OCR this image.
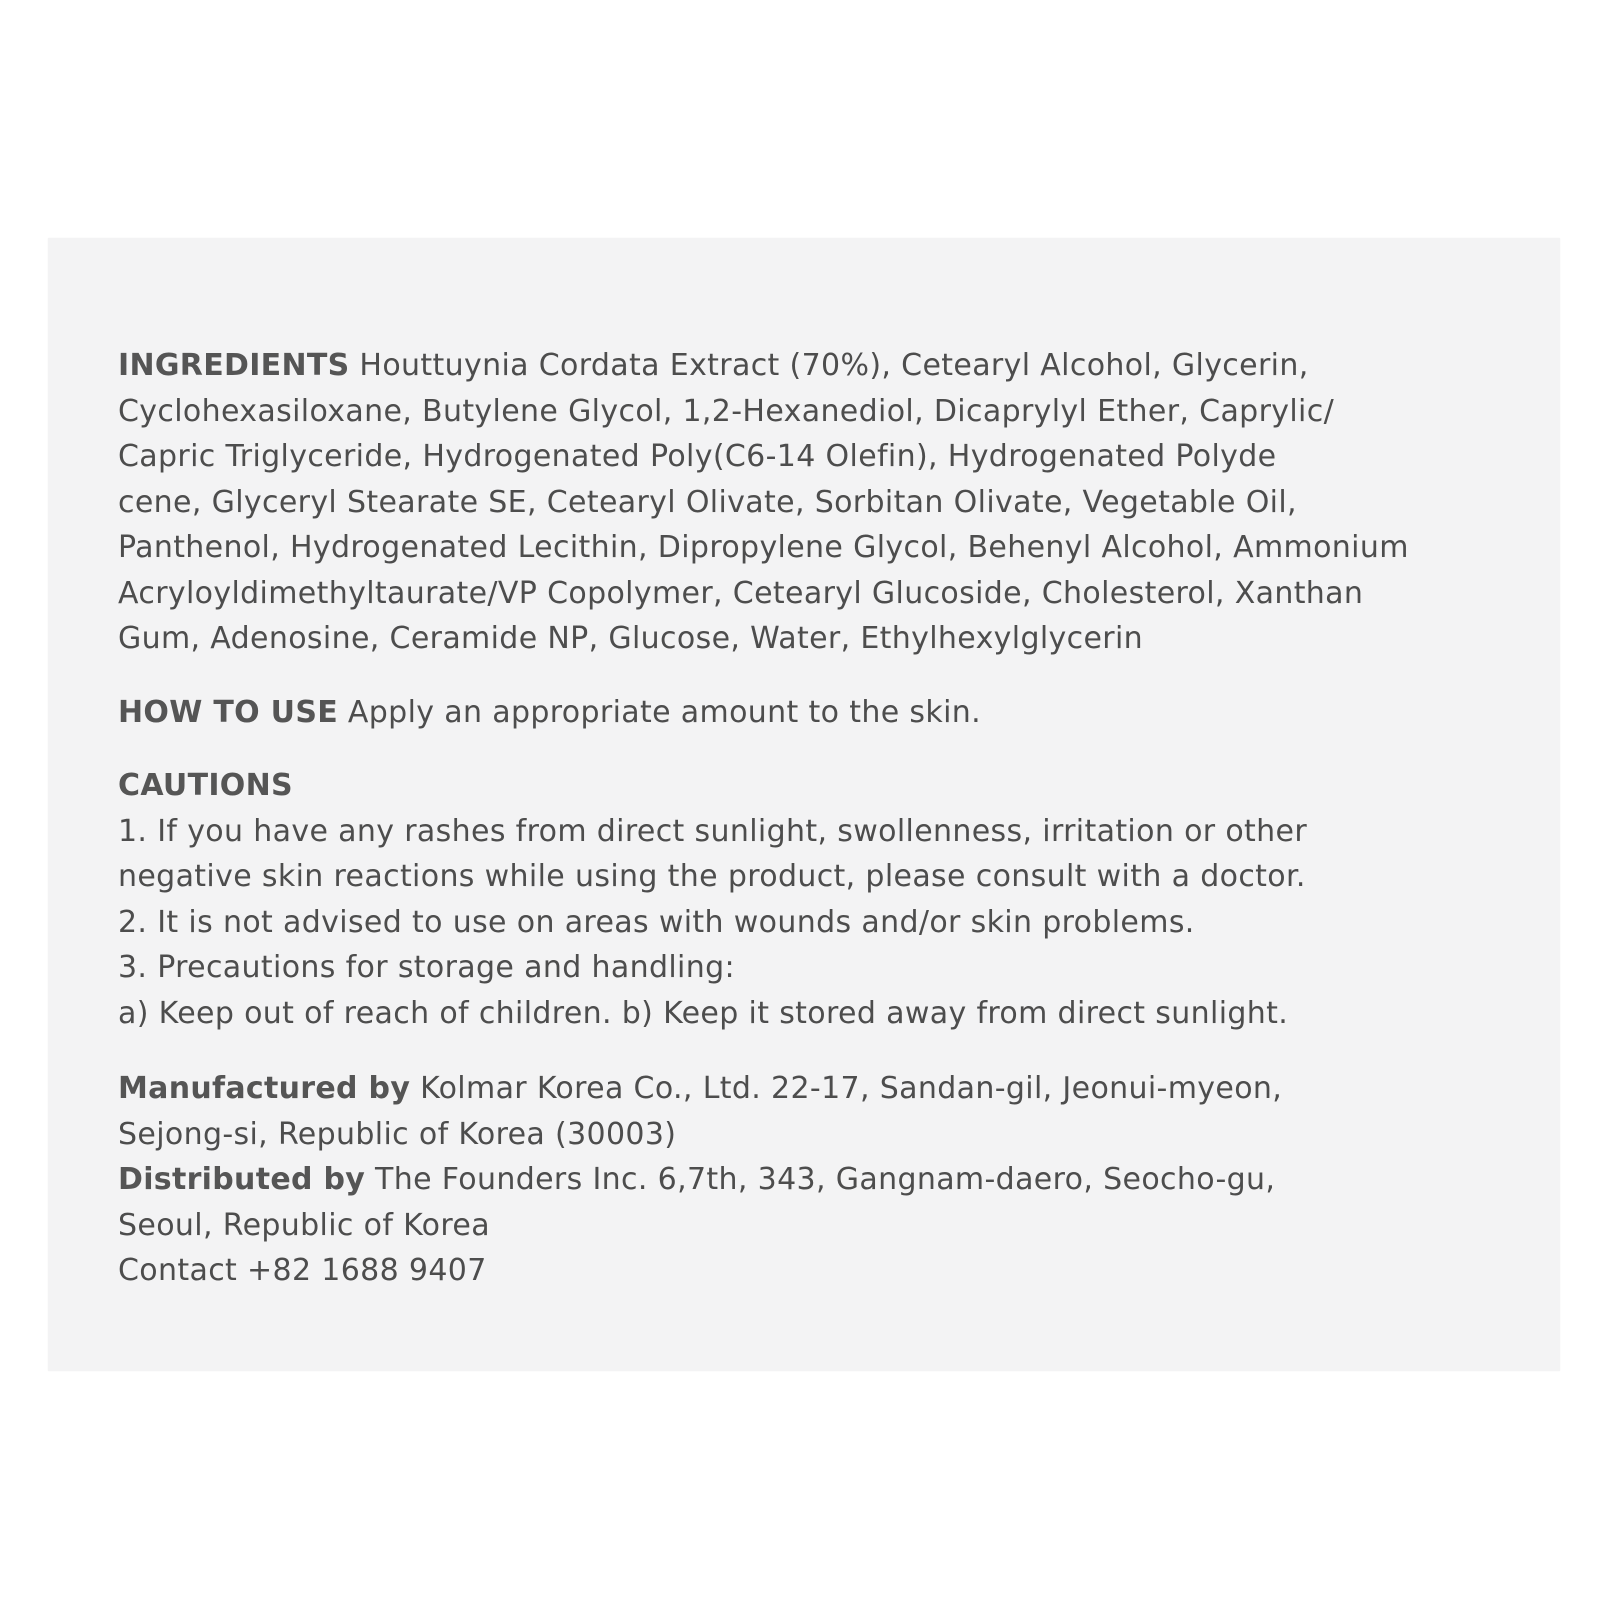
INGREDIENTS Houttuynia Cordata Extract (70%), Cetearyl Alcohol, Glycerin,
Cyclohexasiloxane, Butylene Glycol, 1,2-Hexanediol, Dicaprylyl Ether, Caprylic/
Capric Triglyceride, Hydrogenated Poly(C6-14 Olefin), Hydrogenated Polyde
cene, Glyceryl Stearate SE, Cetearyl Olivate, Sorbitan Olivate, Vegetable Oil,
Panthenol, Hydrogenated Lecithin, Dipropylene Glycol, Behenyl Alcohol, Ammonium
Acryloyldimethyltaurate/VP Copolymer, Cetearyl Glucoside, Cholesterol, Xanthan
Gum, Adenosine, Ceramide NP, Glucose, Water, Ethylhexylglycerin
HOW TO USE Apply an appropriate amount to the skin.
CAUTIONS
1. If you have any rashes from direct sunlight, swollenness, irritation or other
negative skin reactions while using the product, please consult with a doctor.
2. It is not advised to use on areas with wounds and/or skin problems.
3. Precautions for storage and handling:
a) Keep out of reach of children. b) Keep it stored away from direct sunlight.
Manufactured by Kolmar Korea Co., Ltd. 22-17, Sandan-gil, Jeonui-myeon,
Sejong-si, Republic of Korea (30003)
Distributed by The Founders Inc. 6,7th, 343, Gangnam-daero, Seocho-gu,
Seoul, Republic of Korea
Contact +82 1688 9407
